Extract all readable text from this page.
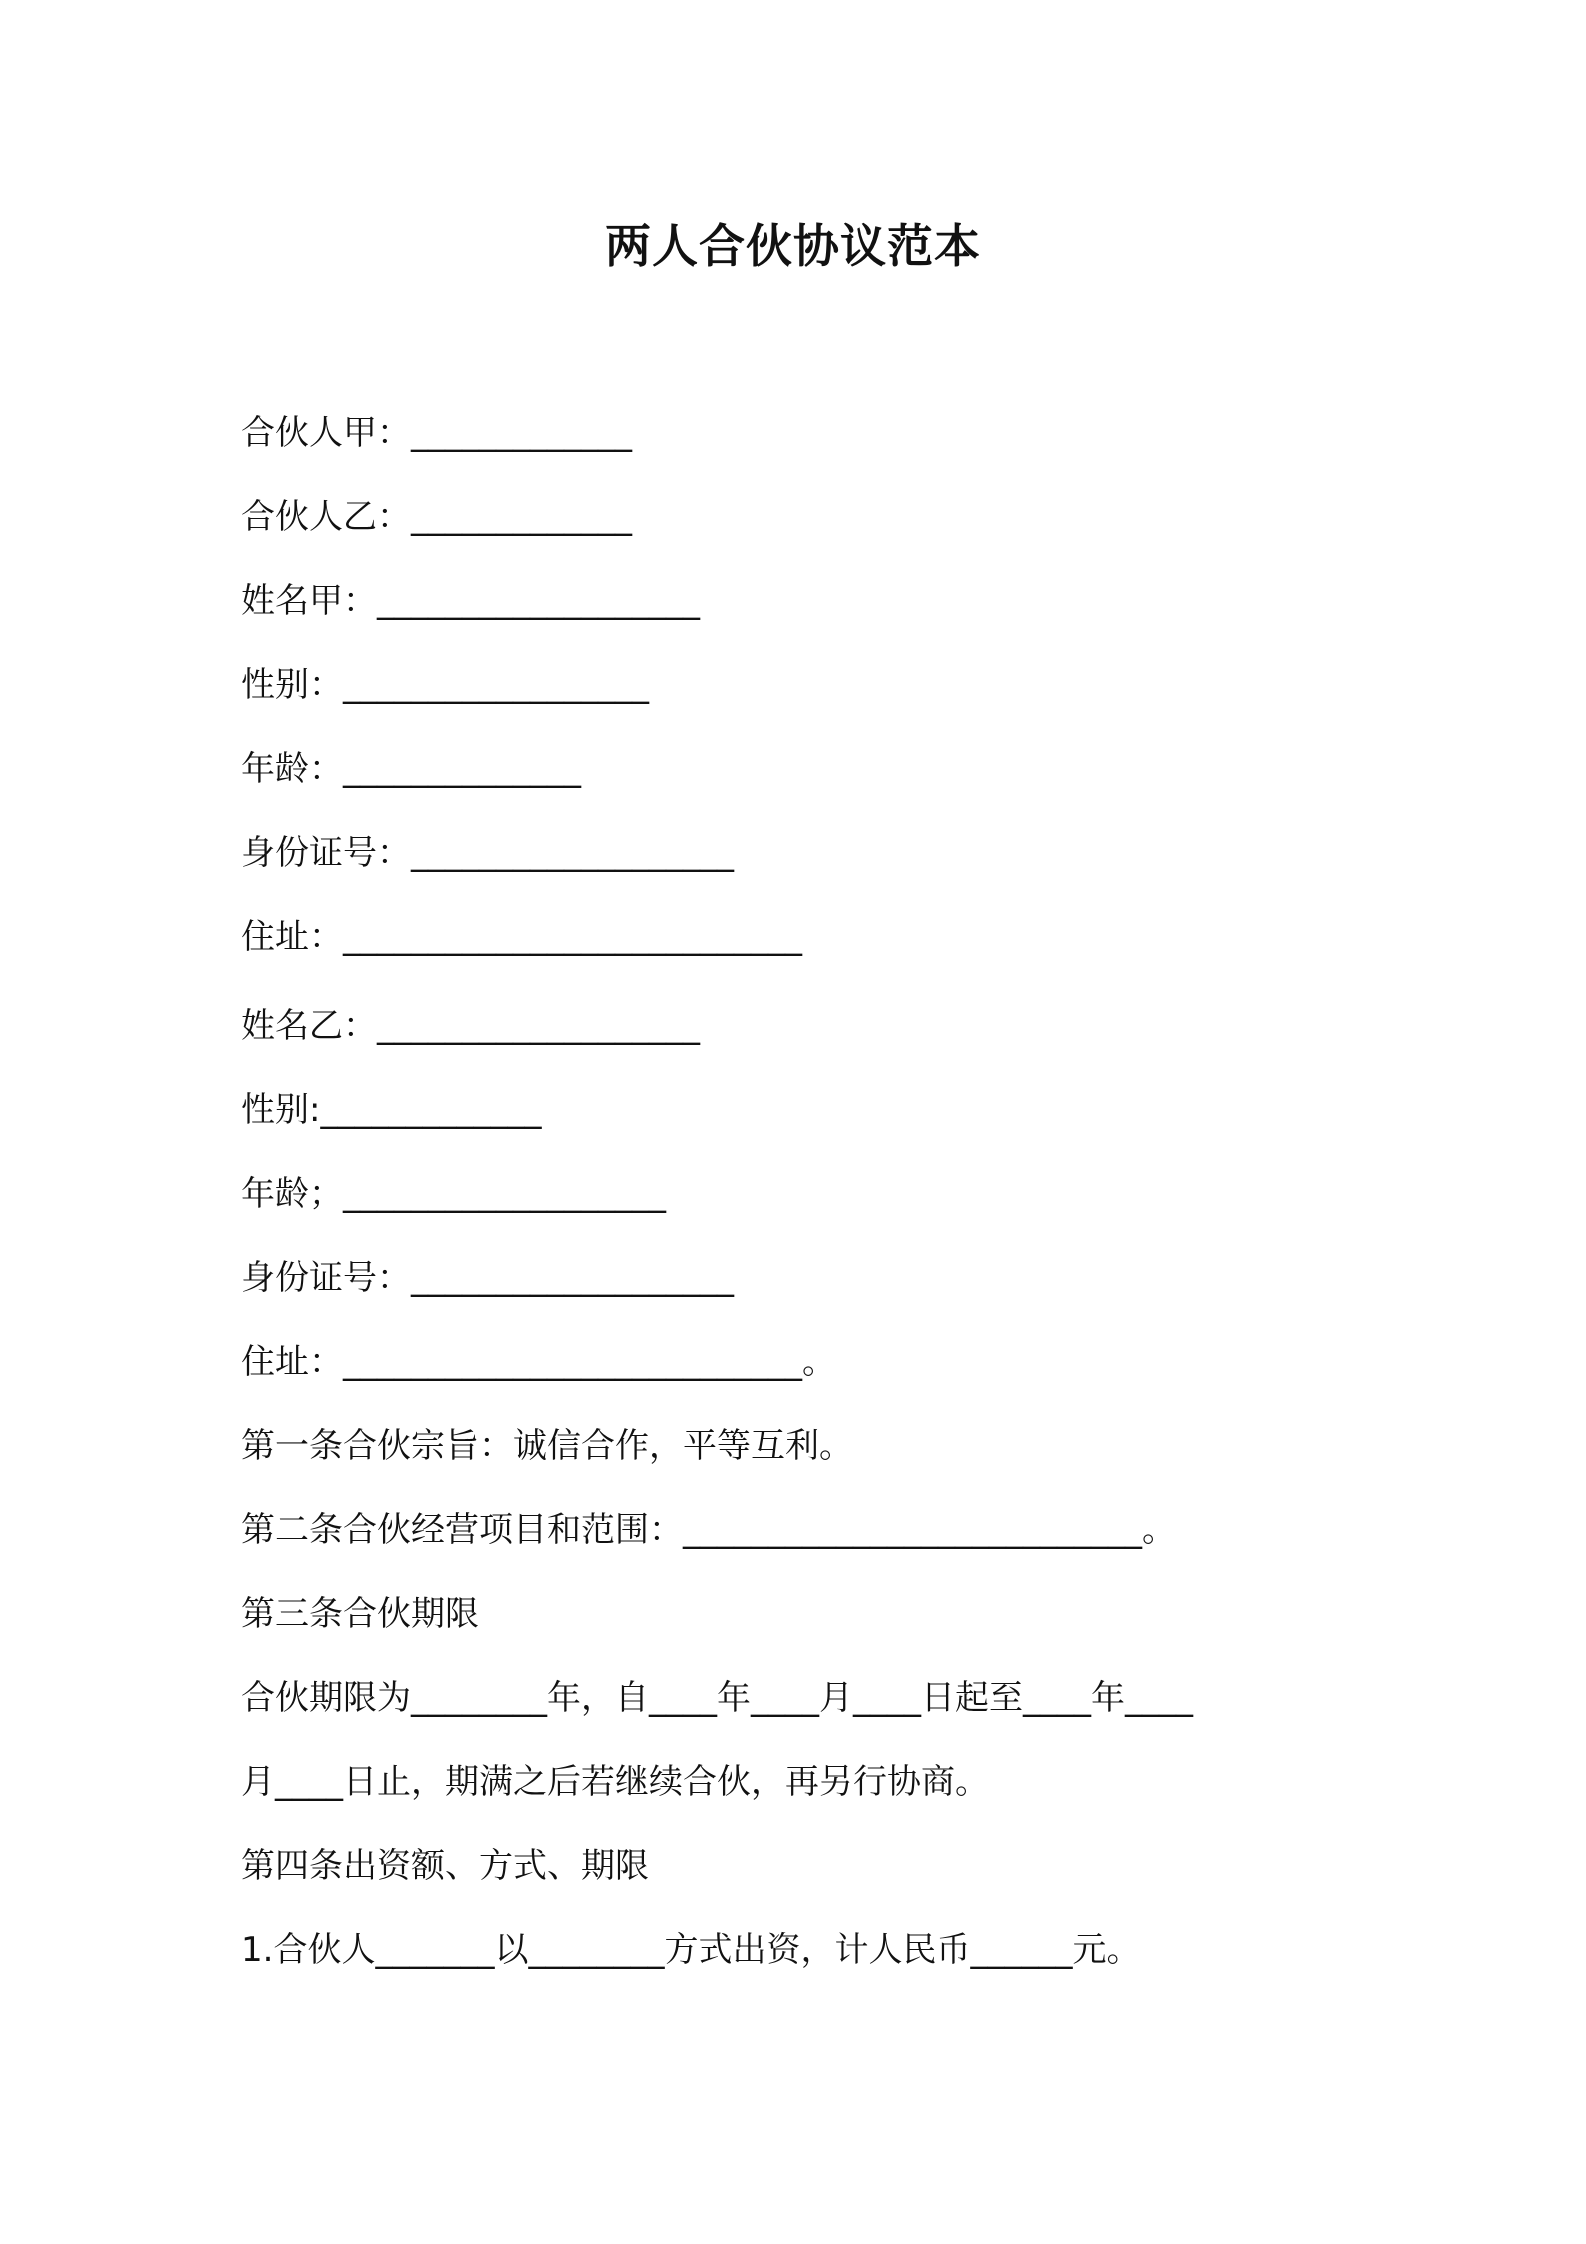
两人合伙协议范本
合伙人甲：_____________
合伙人乙：_____________
姓名甲：___________________
性别：__________________
年龄：______________
身份证号：___________________
住址：___________________________
姓名乙：___________________
性别:_____________
年龄；___________________
身份证号：___________________
住址：___________________________。
第一条合伙宗旨：诚信合作，平等互利。
第二条合伙经营项目和范围：___________________________。
第三条合伙期限
合伙期限为________年，自____年____月____日起至____年____
月____日止，期满之后若继续合伙，再另行协商。
第四条出资额、方式、期限
1.合伙人_______以________方式出资，计人民币______元。
